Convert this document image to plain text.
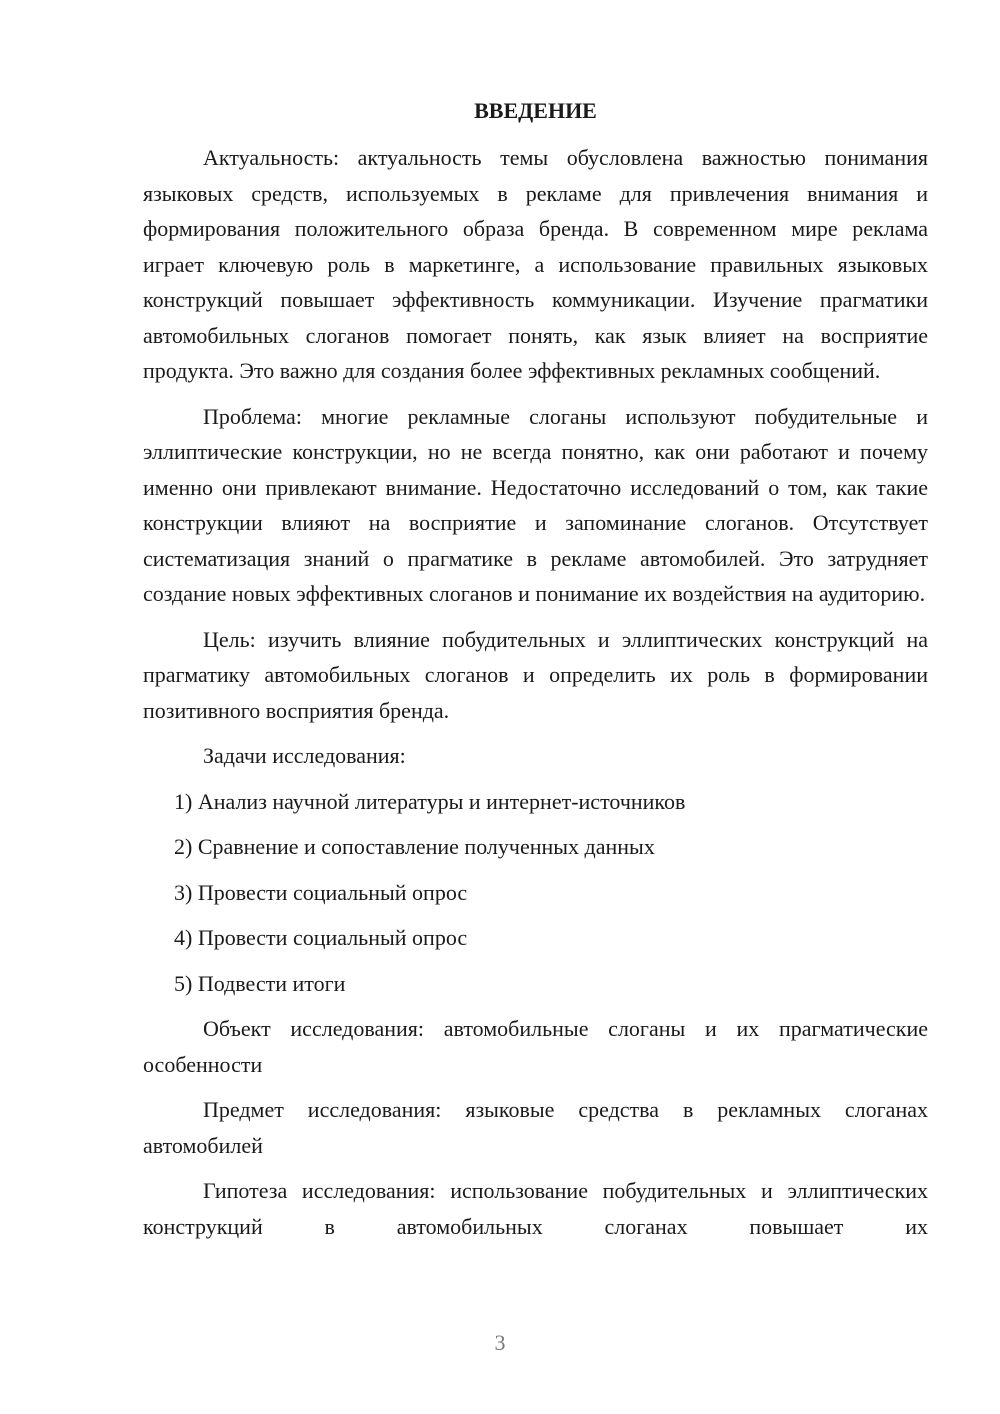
ВВЕДЕНИЕ

Актуальность: актуальность темы обусловлена важностью понимания языковых средств, используемых в рекламе для привлечения внимания и формирования положительного образа бренда. В современном мире реклама играет ключевую роль в маркетинге, а использование правильных языковых конструкций повышает эффективность коммуникации. Изучение прагматики автомобильных слоганов помогает понять, как язык влияет на восприятие продукта. Это важно для создания более эффективных рекламных сообщений.

Проблема: многие рекламные слоганы используют побудительные и эллиптические конструкции, но не всегда понятно, как они работают и почему именно они привлекают внимание. Недостаточно исследований о том, как такие конструкции влияют на восприятие и запоминание слоганов. Отсутствует систематизация знаний о прагматике в рекламе автомобилей. Это затрудняет создание новых эффективных слоганов и понимание их воздействия на аудиторию.

Цель: изучить влияние побудительных и эллиптических конструкций на прагматику автомобильных слоганов и определить их роль в формировании позитивного восприятия бренда.

Задачи исследования:

1) Анализ научной литературы и интернет-источников

2) Сравнение и сопоставление полученных данных

3) Провести социальный опрос

4) Провести социальный опрос

5) Подвести итоги

Объект исследования: автомобильные слоганы и их прагматические особенности

Предмет исследования: языковые средства в рекламных слоганах автомобилей

Гипотеза исследования: использование побудительных и эллиптических конструкций в автомобильных слоганах повышает их

3
